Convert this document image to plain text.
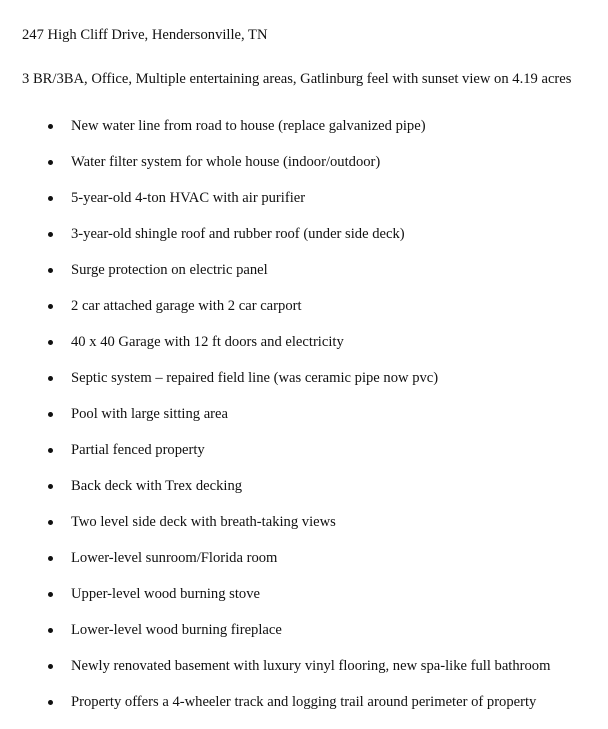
247 High Cliff Drive, Hendersonville, TN
3 BR/3BA, Office, Multiple entertaining areas, Gatlinburg feel with sunset view on 4.19 acres
New water line from road to house (replace galvanized pipe)
Water filter system for whole house (indoor/outdoor)
5-year-old 4-ton HVAC with air purifier
3-year-old shingle roof and rubber roof (under side deck)
Surge protection on electric panel
2 car attached garage with 2 car carport
40 x 40 Garage with 12 ft doors and electricity
Septic system – repaired field line (was ceramic pipe now pvc)
Pool with large sitting area
Partial fenced property
Back deck with Trex decking
Two level side deck with breath-taking views
Lower-level sunroom/Florida room
Upper-level wood burning stove
Lower-level wood burning fireplace
Newly renovated basement with luxury vinyl flooring, new spa-like full bathroom
Property offers a 4-wheeler track and logging trail around perimeter of property
